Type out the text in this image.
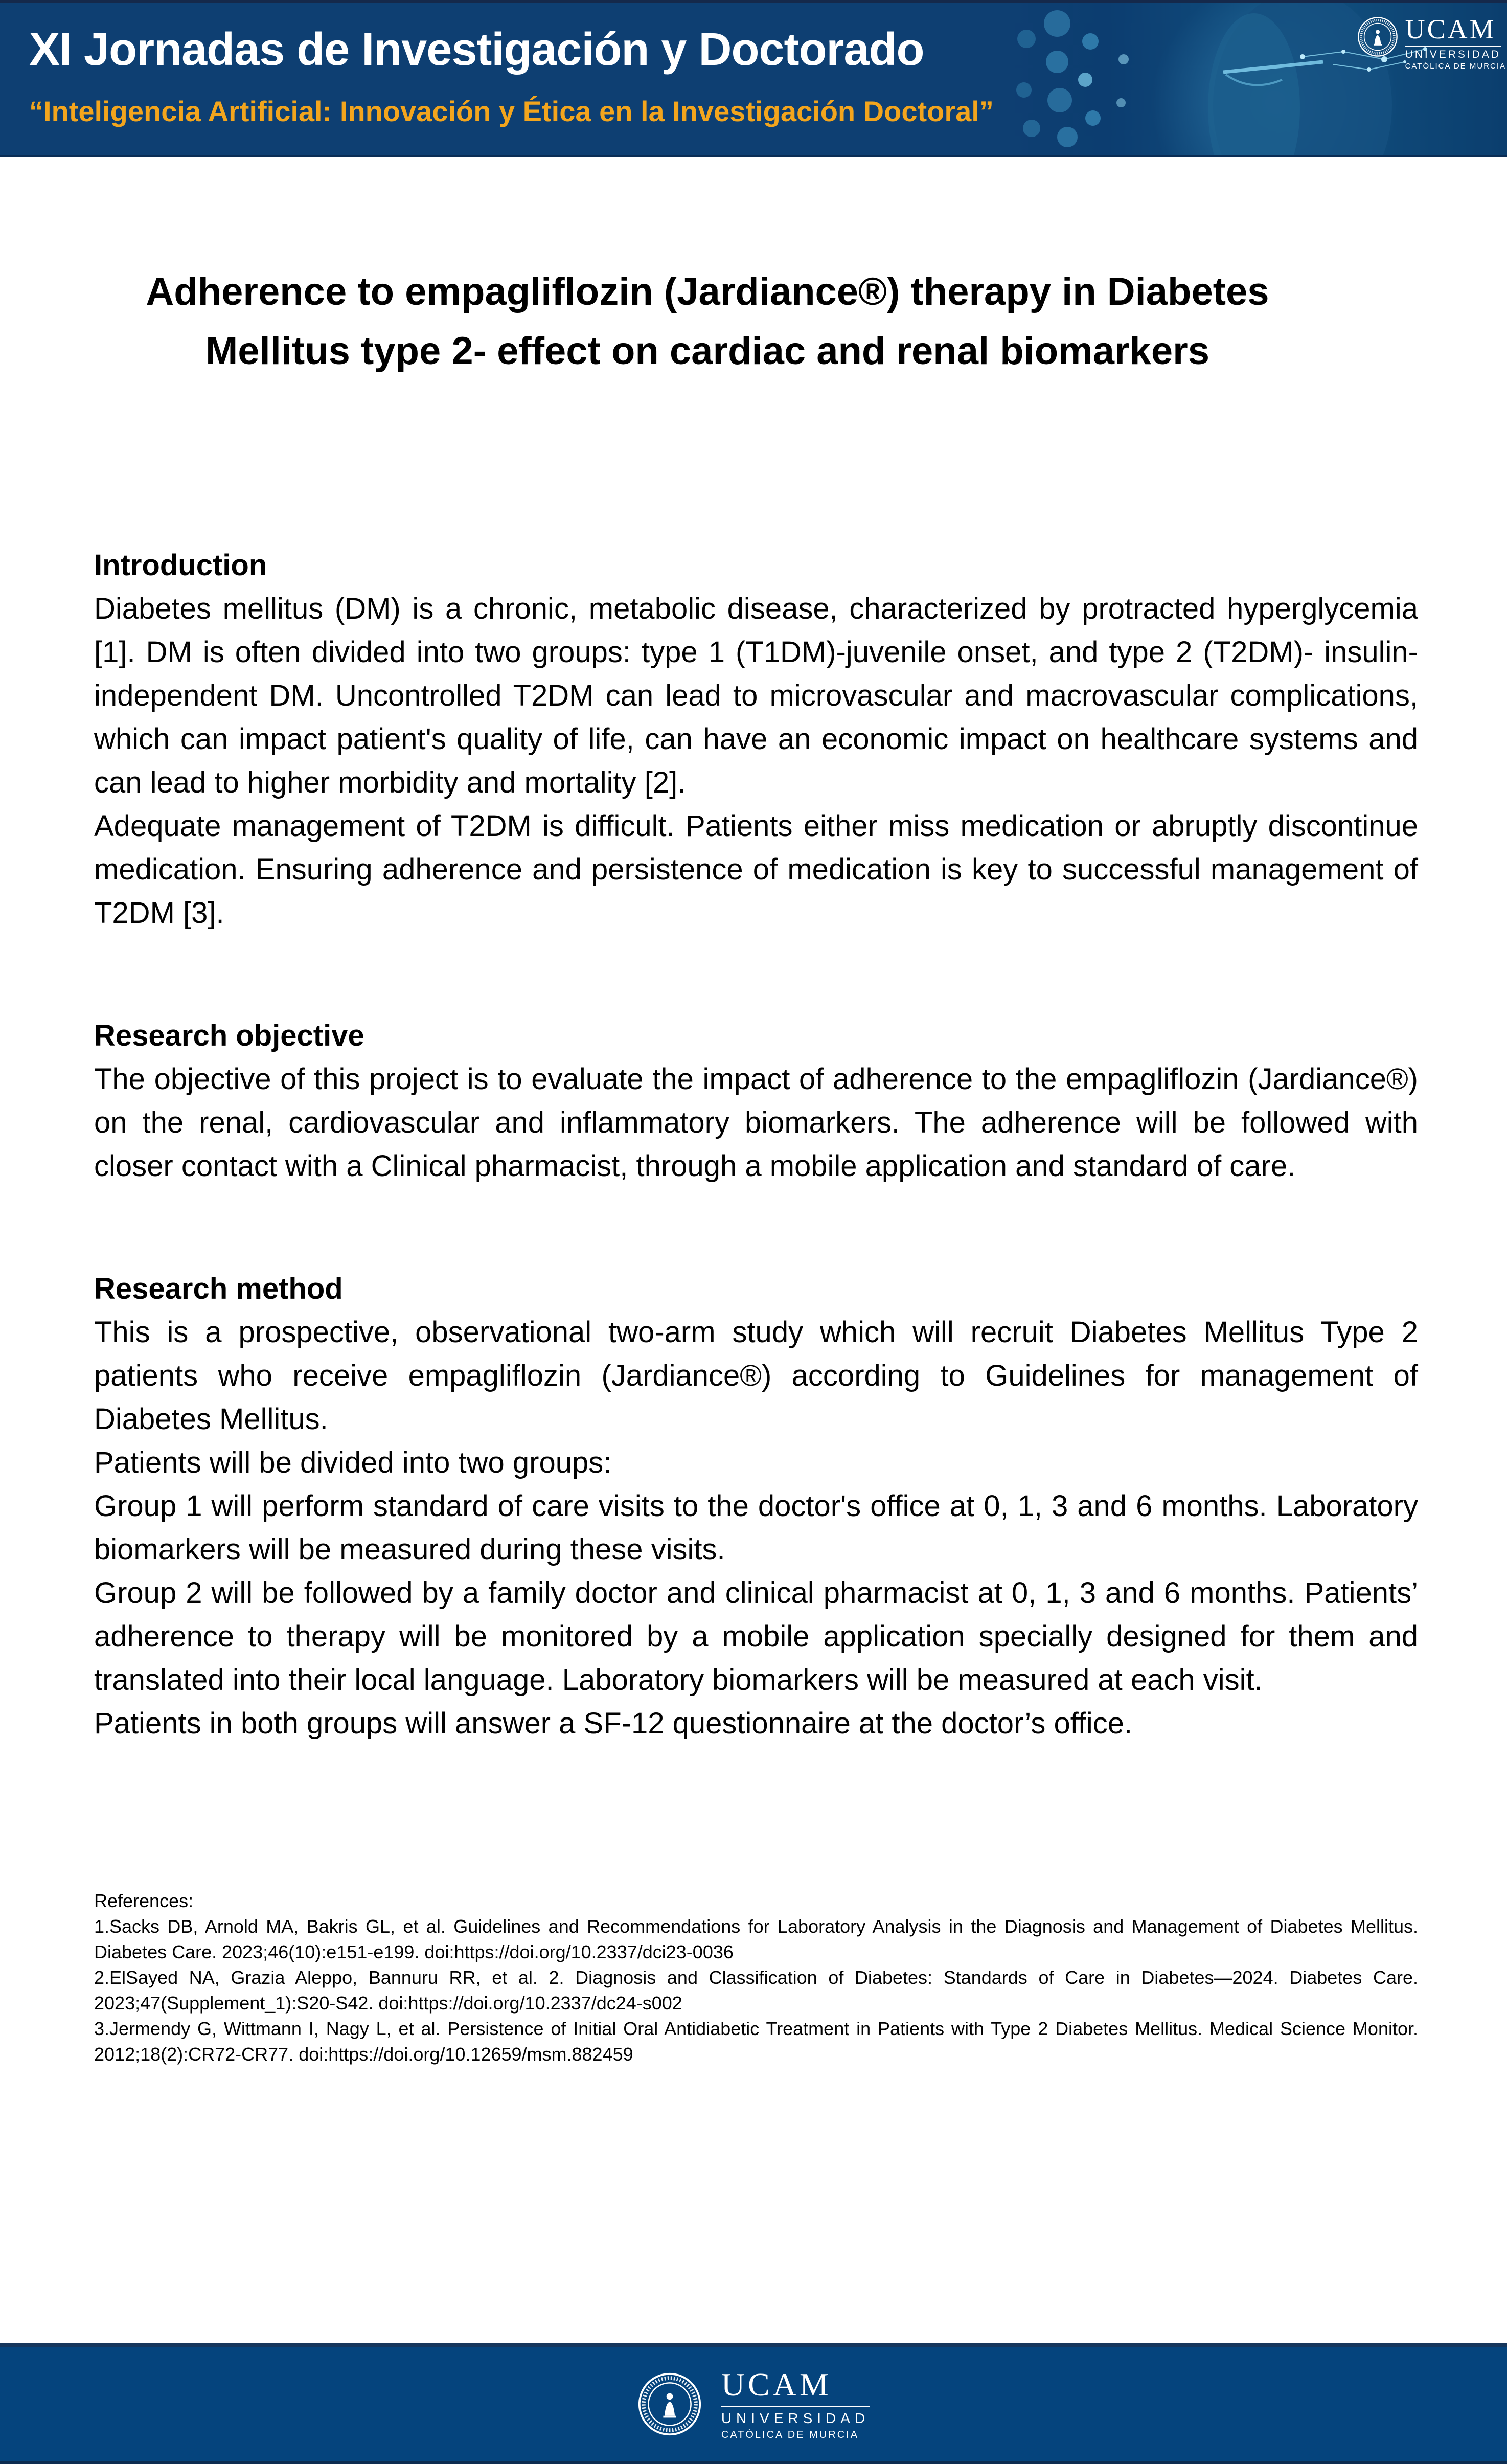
XI Jornadas de Investigación y Doctorado
“Inteligencia Artificial: Innovación y Ética en la Investigación Doctoral”
UCAM
UNIVERSIDAD
CATÓLICA DE MURCIA
Adherence to empagliflozin (Jardiance®) therapy in Diabetes Mellitus type 2- effect on cardiac and renal biomarkers
Introduction

Diabetes mellitus (DM) is a chronic, metabolic disease, characterized by protracted hyperglycemia [1]. DM is often divided into two groups: type 1 (T1DM)-juvenile onset, and type 2 (T2DM)- insulin-independent DM. Uncontrolled T2DM can lead to microvascular and macrovascular complications, which can impact patient's quality of life, can have an economic impact on healthcare systems and can lead to higher morbidity and mortality [2].

Adequate management of T2DM is difficult. Patients either miss medication or abruptly discontinue medication. Ensuring adherence and persistence of medication is key to successful management of T2DM [3].

Research objective

The objective of this project is to evaluate the impact of adherence to the empagliflozin (Jardiance®) on the renal, cardiovascular and inflammatory biomarkers. The adherence will be followed with closer contact with a Clinical pharmacist, through a mobile application and standard of care.

Research method

This is a prospective, observational two-arm study which will recruit Diabetes Mellitus Type 2 patients who receive empagliflozin (Jardiance®) according to Guidelines for management of Diabetes Mellitus.

Patients will be divided into two groups:

Group 1 will perform standard of care visits to the doctor's office at 0, 1, 3 and 6 months. Laboratory biomarkers will be measured during these visits.

Group 2 will be followed by a family doctor and clinical pharmacist at 0, 1, 3 and 6 months. Patients’ adherence to therapy will be monitored by a mobile application specially designed for them and translated into their local language. Laboratory biomarkers will be measured at each visit.

Patients in both groups will answer a SF-12 questionnaire at the doctor’s office.

References:

1.Sacks DB, Arnold MA, Bakris GL, et al. Guidelines and Recommendations for Laboratory Analysis in the Diagnosis and Management of Diabetes Mellitus. Diabetes Care. 2023;46(10):e151-e199. doi:https://doi.org/10.2337/dci23-0036

2.ElSayed NA, Grazia Aleppo, Bannuru RR, et al. 2. Diagnosis and Classification of Diabetes: Standards of Care in Diabetes—2024. Diabetes Care. 2023;47(Supplement_1):S20-S42. doi:https://doi.org/10.2337/dc24-s002

3.Jermendy G, Wittmann I, Nagy L, et al. Persistence of Initial Oral Antidiabetic Treatment in Patients with Type 2 Diabetes Mellitus. Medical Science Monitor. 2012;18(2):CR72-CR77. doi:https://doi.org/10.12659/msm.882459

UCAM
UNIVERSIDAD
CATÓLICA DE MURCIA
